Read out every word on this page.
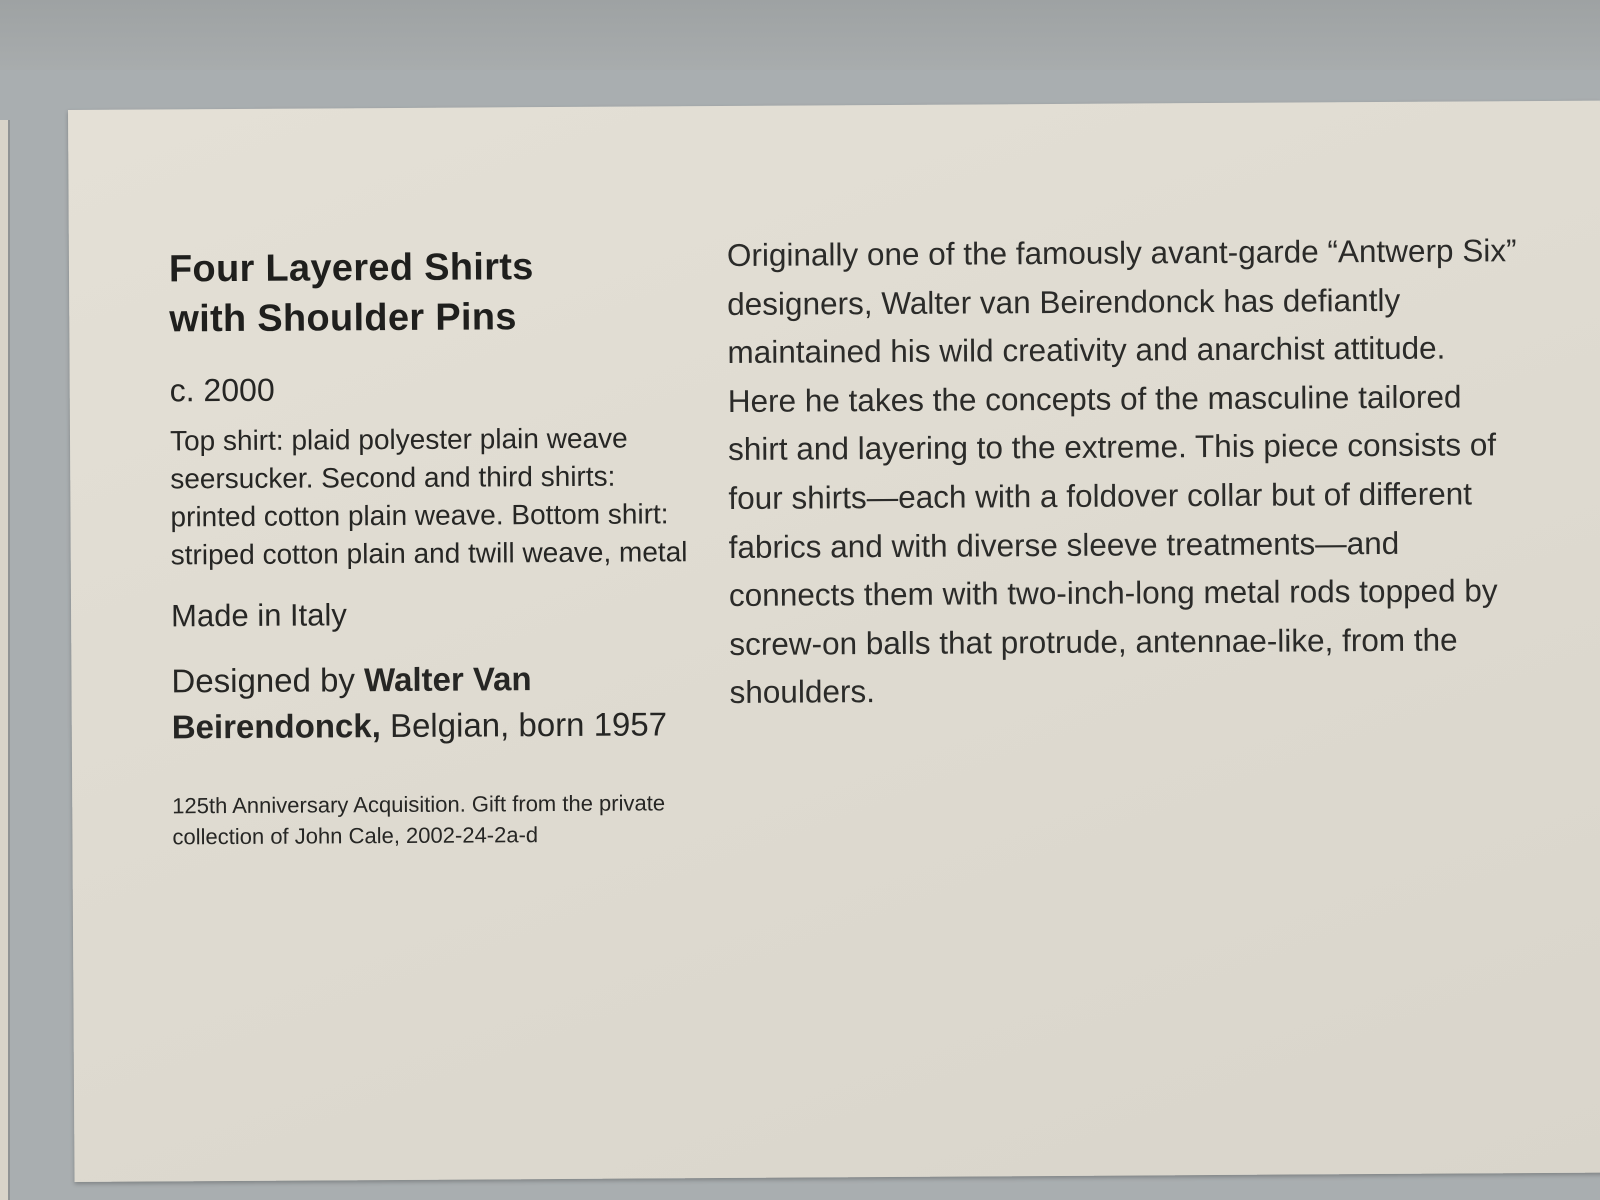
Four Layered Shirts
with Shoulder Pins
c. 2000
Top shirt: plaid polyester plain weave seersucker. Second and third shirts: printed cotton plain weave. Bottom shirt: striped cotton plain and twill weave, metal
Made in Italy
Designed by Walter Van Beirendonck, Belgian, born 1957
125th Anniversary Acquisition. Gift from the private collection of John Cale, 2002-24-2a-d
Originally one of the famously avant-garde “Antwerp Six” designers, Walter van Beirendonck has defiantly maintained his wild creativity and anarchist attitude. Here he takes the concepts of the masculine tailored shirt and layering to the extreme. This piece consists of four shirts—each with a foldover collar but of different fabrics and with diverse sleeve treatments—and connects them with two-inch-long metal rods topped by screw-on balls that protrude, antennae-like, from the shoulders.
